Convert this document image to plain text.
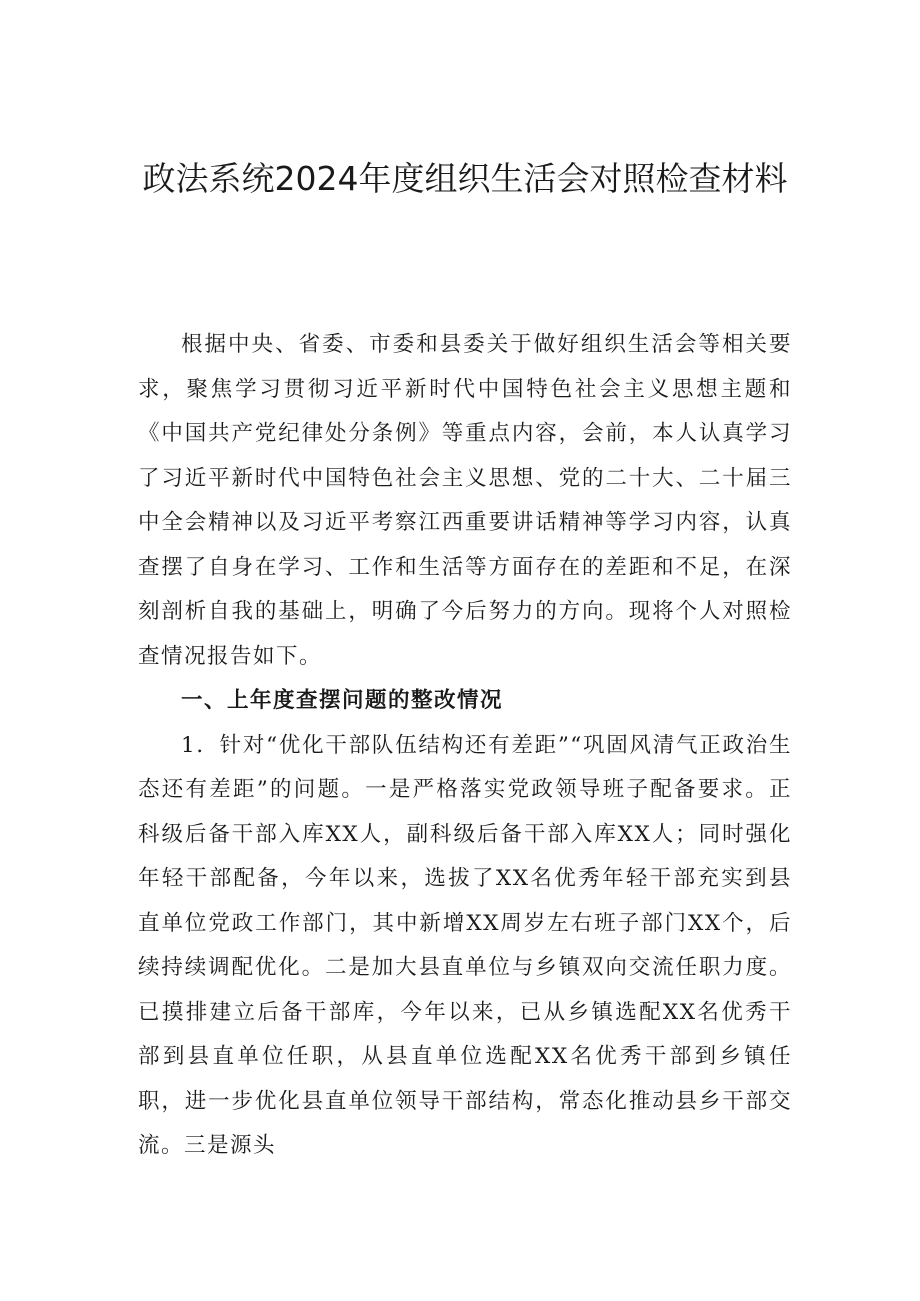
政法系统2024年度组织生活会对照检查材料

根据中央、省委、市委和县委关于做好组织生活会等相关要求，聚焦学习贯彻习近平新时代中国特色社会主义思想主题和《中国共产党纪律处分条例》等重点内容，会前，本人认真学习了习近平新时代中国特色社会主义思想、党的二十大、二十届三中全会精神以及习近平考察江西重要讲话精神等学习内容，认真查摆了自身在学习、工作和生活等方面存在的差距和不足，在深刻剖析自我的基础上，明确了今后努力的方向。现将个人对照检查情况报告如下。

一、上年度查摆问题的整改情况

1．针对“优化干部队伍结构还有差距”“巩固风清气正政治生态还有差距”的问题。一是严格落实党政领导班子配备要求。正科级后备干部入库XX人，副科级后备干部入库XX人；同时强化年轻干部配备，今年以来，选拔了XX名优秀年轻干部充实到县直单位党政工作部门，其中新增XX周岁左右班子部门XX个，后续持续调配优化。二是加大县直单位与乡镇双向交流任职力度。已摸排建立后备干部库，今年以来，已从乡镇选配XX名优秀干部到县直单位任职，从县直单位选配XX名优秀干部到乡镇任职，进一步优化县直单位领导干部结构，常态化推动县乡干部交流。三是源头
